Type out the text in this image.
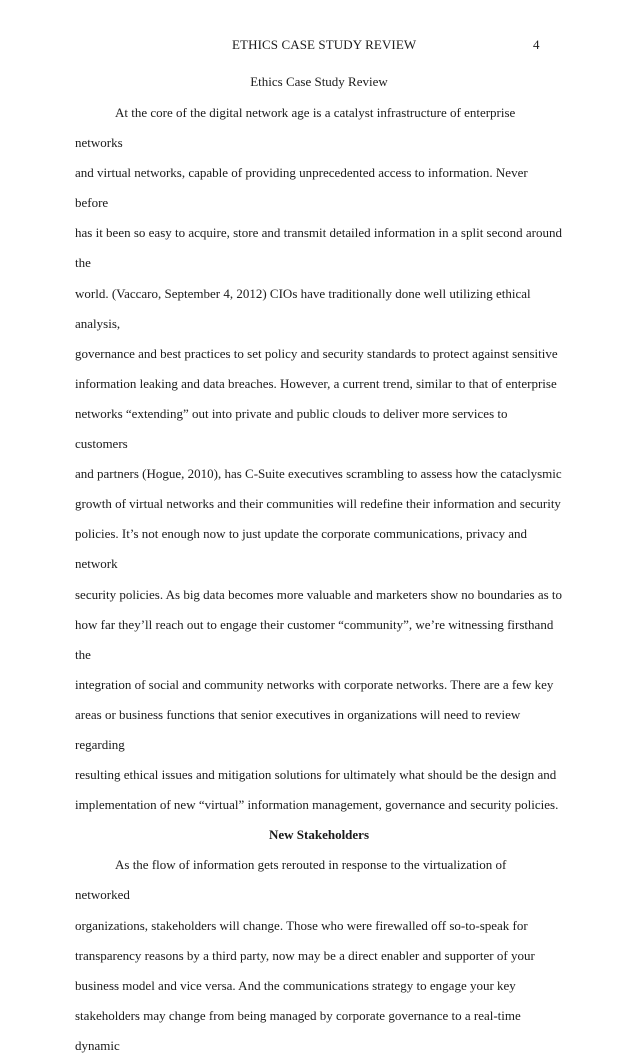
ETHICS CASE STUDY REVIEW	4
Ethics Case Study Review
At the core of the digital network age is a catalyst infrastructure of enterprise networks
and virtual networks, capable of providing unprecedented access to information. Never before
has it been so easy to acquire, store and transmit detailed information in a split second around the
world. (Vaccaro, September 4, 2012) CIOs have traditionally done well utilizing ethical analysis,
governance and best practices to set policy and security standards to protect against sensitive
information leaking and data breaches. However, a current trend, similar to that of enterprise
networks “extending” out into private and public clouds to deliver more services to customers
and partners (Hogue, 2010), has C-Suite executives scrambling to assess how the cataclysmic
growth of virtual networks and their communities will redefine their information and security
policies. It’s not enough now to just update the corporate communications, privacy and network
security policies. As big data becomes more valuable and marketers show no boundaries as to
how far they’ll reach out to engage their customer “community”, we’re witnessing firsthand the
integration of social and community networks with corporate networks. There are a few key
areas or business functions that senior executives in organizations will need to review regarding
resulting ethical issues and mitigation solutions for ultimately what should be the design and
implementation of new “virtual” information management, governance and security policies.
New Stakeholders
As the flow of information gets rerouted in response to the virtualization of networked
organizations, stakeholders will change. Those who were firewalled off so-to-speak for
transparency reasons by a third party, now may be a direct enabler and supporter of your
business model and vice versa. And the communications strategy to engage your key
stakeholders may change from being managed by corporate governance to a real-time dynamic
